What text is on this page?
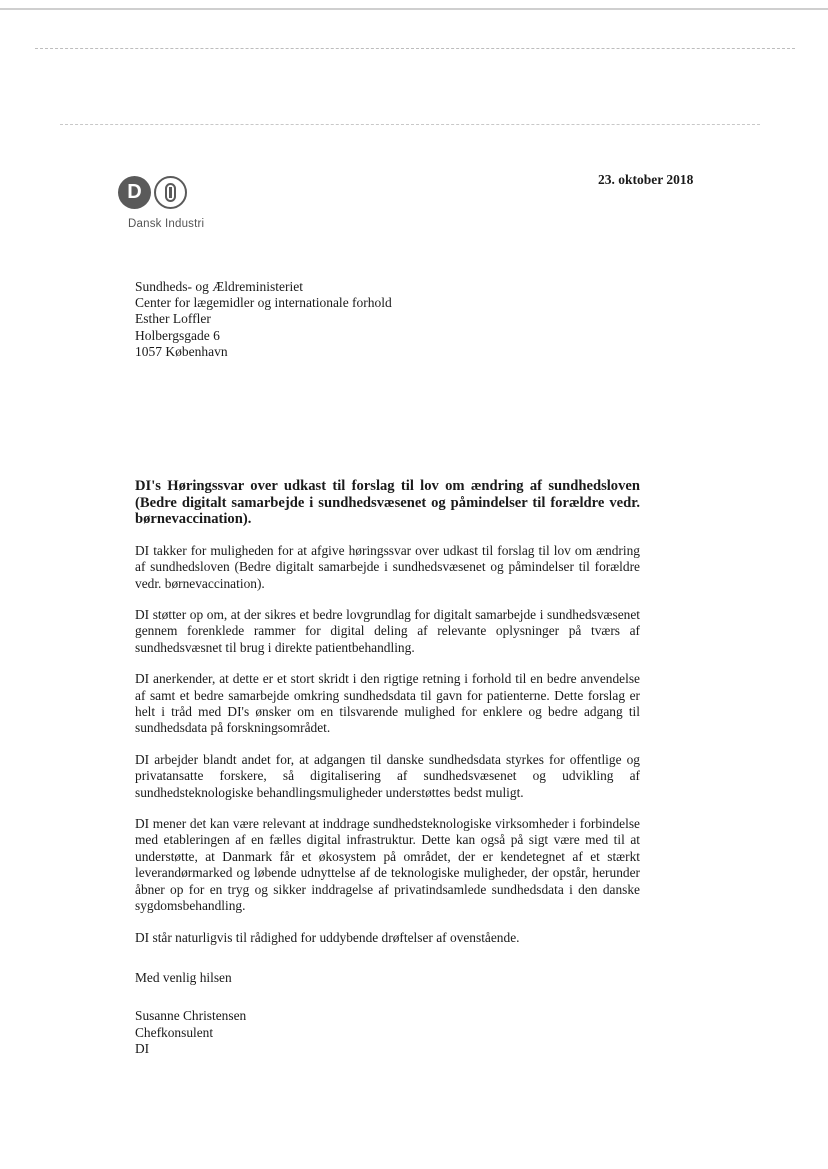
D
Dansk Industri
23. oktober 2018
Sundheds- og Ældreministeriet
Center for lægemidler og internationale forhold
Esther Loffler
Holbergsgade 6
1057 København

DI's Høringssvar over udkast til forslag til lov om ændring af sundhedsloven (Bedre digitalt samarbejde i sundhedsvæsenet og påmindelser til forældre vedr. børnevaccination).

DI takker for muligheden for at afgive høringssvar over udkast til forslag til lov om ændring af sundhedsloven (Bedre digitalt samarbejde i sundhedsvæsenet og påmindelser til forældre vedr. børnevaccination).

DI støtter op om, at der sikres et bedre lovgrundlag for digitalt samarbejde i sundhedsvæsenet gennem forenklede rammer for digital deling af relevante oplysninger på tværs af sundhedsvæsnet til brug i direkte patientbehandling.

DI anerkender, at dette er et stort skridt i den rigtige retning i forhold til en bedre anvendelse af samt et bedre samarbejde omkring sundhedsdata til gavn for patienterne. Dette forslag er helt i tråd med DI's ønsker om en tilsvarende mulighed for enklere og bedre adgang til sundhedsdata på forskningsområdet.

DI arbejder blandt andet for, at adgangen til danske sundhedsdata styrkes for offentlige og privatansatte forskere, så digitalisering af sundhedsvæsenet og udvikling af sundhedsteknologiske behandlingsmuligheder understøttes bedst muligt.

DI mener det kan være relevant at inddrage sundhedsteknologiske virksomheder i forbindelse med etableringen af en fælles digital infrastruktur. Dette kan også på sigt være med til at understøtte, at Danmark får et økosystem på området, der er kendetegnet af et stærkt leverandørmarked og løbende udnyttelse af de teknologiske muligheder, der opstår, herunder åbner op for en tryg og sikker inddragelse af privatindsamlede sundhedsdata i den danske sygdomsbehandling.

DI står naturligvis til rådighed for uddybende drøftelser af ovenstående.

Med venlig hilsen

Susanne Christensen
Chefkonsulent
DI
